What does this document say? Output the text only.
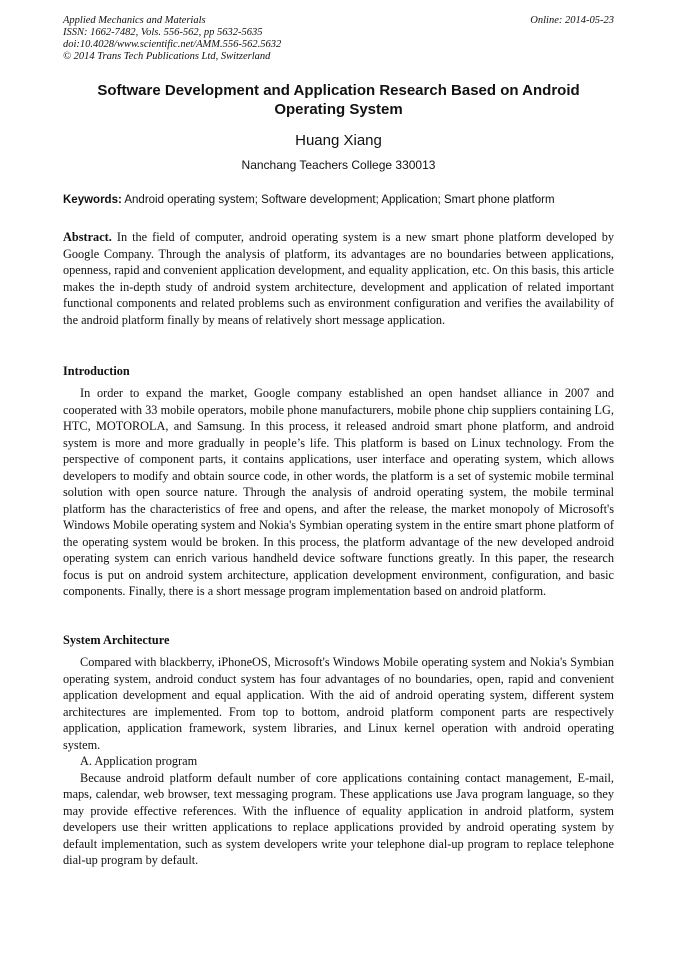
Applied Mechanics and Materials
ISSN: 1662-7482, Vols. 556-562, pp 5632-5635
doi:10.4028/www.scientific.net/AMM.556-562.5632
© 2014 Trans Tech Publications Ltd, Switzerland
Online: 2014-05-23
Software Development and Application Research Based on Android Operating System
Huang Xiang
Nanchang Teachers College 330013
Keywords: Android operating system; Software development; Application; Smart phone platform

Abstract. In the field of computer, android operating system is a new smart phone platform developed by Google Company. Through the analysis of platform, its advantages are no boundaries between applications, openness, rapid and convenient application development, and equality application, etc. On this basis, this article makes the in-depth study of android system architecture, development and application of related important functional components and related problems such as environment configuration and verifies the availability of the android platform finally by means of relatively short message application.

Introduction

In order to expand the market, Google company established an open handset alliance in 2007 and cooperated with 33 mobile operators, mobile phone manufacturers, mobile phone chip suppliers containing LG, HTC, MOTOROLA, and Samsung. In this process, it released android smart phone platform, and android system is more and more gradually in people’s life. This platform is based on Linux technology. From the perspective of component parts, it contains applications, user interface and operating system, which allows developers to modify and obtain source code, in other words, the platform is a set of systemic mobile terminal solution with open source nature. Through the analysis of android operating system, the mobile terminal platform has the characteristics of free and opens, and after the release, the market monopoly of Microsoft's Windows Mobile operating system and Nokia's Symbian operating system in the entire smart phone platform of the operating system would be broken. In this process, the platform advantage of the new developed android operating system can enrich various handheld device software functions greatly. In this paper, the research focus is put on android system architecture, application development environment, configuration, and basic components. Finally, there is a short message program implementation based on android platform.

System Architecture

Compared with blackberry, iPhoneOS, Microsoft's Windows Mobile operating system and Nokia's Symbian operating system, android conduct system has four advantages of no boundaries, open, rapid and convenient application development and equal application. With the aid of android operating system, different system architectures are implemented. From top to bottom, android platform component parts are respectively application, application framework, system libraries, and Linux kernel operation with android operating system.

A. Application program

Because android platform default number of core applications containing contact management, E-mail, maps, calendar, web browser, text messaging program. These applications use Java program language, so they may provide effective references. With the influence of equality application in android platform, system developers use their written applications to replace applications provided by android operating system by default implementation, such as system developers write your telephone dial-up program to replace telephone dial-up program by default.
